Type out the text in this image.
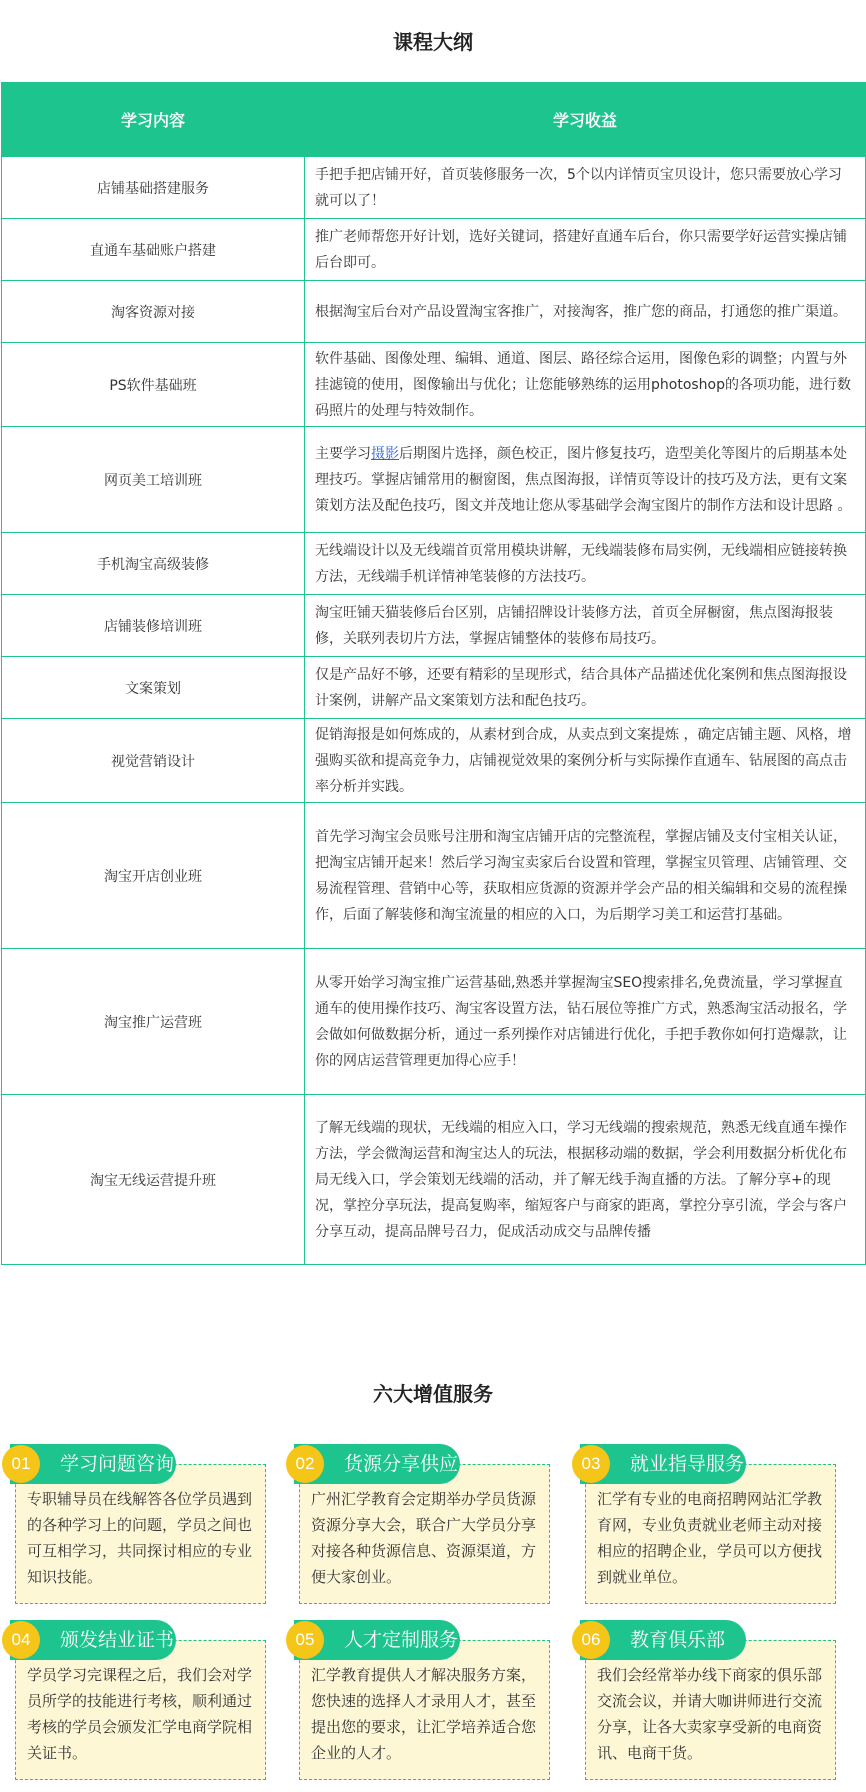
课程大纲
学习内容	学习收益
店铺基础搭建服务	手把手把店铺开好，首页装修服务一次，5个以内详情页宝贝设计，您只需要放心学习就可以了！
直通车基础账户搭建	推广老师帮您开好计划，选好关键词，搭建好直通车后台，你只需要学好运营实操店铺后台即可。
淘客资源对接	根据淘宝后台对产品设置淘宝客推广，对接淘客，推广您的商品，打通您的推广渠道。
PS软件基础班	软件基础、图像处理、编辑、通道、图层、路径综合运用，图像色彩的调整；内置与外挂滤镜的使用，图像输出与优化；让您能够熟练的运用photoshop的各项功能，进行数码照片的处理与特效制作。
网页美工培训班	主要学习摄影后期图片选择，颜色校正，图片修复技巧，造型美化等图片的后期基本处理技巧。掌握店铺常用的橱窗图，焦点图海报，详情页等设计的技巧及方法，更有文案策划方法及配色技巧，图文并茂地让您从零基础学会淘宝图片的制作方法和设计思路 。
手机淘宝高级装修	无线端设计以及无线端首页常用模块讲解，无线端装修布局实例，无线端相应链接转换方法，无线端手机详情神笔装修的方法技巧。
店铺装修培训班	淘宝旺铺天猫装修后台区别，店铺招牌设计装修方法，首页全屏橱窗，焦点图海报装修，关联列表切片方法，掌握店铺整体的装修布局技巧。
文案策划	仅是产品好不够，还要有精彩的呈现形式，结合具体产品描述优化案例和焦点图海报设计案例，讲解产品文案策划方法和配色技巧。
视觉营销设计	促销海报是如何炼成的，从素材到合成，从卖点到文案提炼 ，确定店铺主题、风格，增强购买欲和提高竞争力，店铺视觉效果的案例分析与实际操作直通车、钻展图的高点击率分析并实践。
淘宝开店创业班	首先学习淘宝会员账号注册和淘宝店铺开店的完整流程，掌握店铺及支付宝相关认证，把淘宝店铺开起来！然后学习淘宝卖家后台设置和管理，掌握宝贝管理、店铺管理、交易流程管理、营销中心等，获取相应货源的资源并学会产品的相关编辑和交易的流程操作，后面了解装修和淘宝流量的相应的入口，为后期学习美工和运营打基础。
淘宝推广运营班	从零开始学习淘宝推广运营基础,熟悉并掌握淘宝SEO搜索排名,免费流量，学习掌握直通车的使用操作技巧、淘宝客设置方法，钻石展位等推广方式，熟悉淘宝活动报名，学会做如何做数据分析，通过一系列操作对店铺进行优化，手把手教你如何打造爆款，让你的网店运营管理更加得心应手！
淘宝无线运营提升班	了解无线端的现状，无线端的相应入口，学习无线端的搜索规范，熟悉无线直通车操作方法，学会微淘运营和淘宝达人的玩法，根据移动端的数据，学会利用数据分析优化布局无线入口，学会策划无线端的活动，并了解无线手淘直播的方法。了解分享+的现况，掌控分享玩法，提高复购率，缩短客户与商家的距离，掌控分享引流，学会与客户分享互动，提高品牌号召力，促成活动成交与品牌传播
六大增值服务
专职辅导员在线解答各位学员遇到的各种学习上的问题，学员之间也可互相学习，共同探讨相应的专业知识技能。
学习问题咨询
01
广州汇学教育会定期举办学员货源资源分享大会，联合广大学员分享对接各种货源信息、资源渠道，方便大家创业。
货源分享供应
02
汇学有专业的电商招聘网站汇学教育网，专业负责就业老师主动对接相应的招聘企业，学员可以方便找到就业单位。
就业指导服务
03
学员学习完课程之后，我们会对学员所学的技能进行考核，顺利通过考核的学员会颁发汇学电商学院相关证书。
颁发结业证书
04
汇学教育提供人才解决服务方案，您快速的选择人才录用人才，甚至提出您的要求，让汇学培养适合您企业的人才。
人才定制服务
05
我们会经常举办线下商家的俱乐部交流会议，并请大咖讲师进行交流分享，让各大卖家享受新的电商资讯、电商干货。
教育俱乐部
06
